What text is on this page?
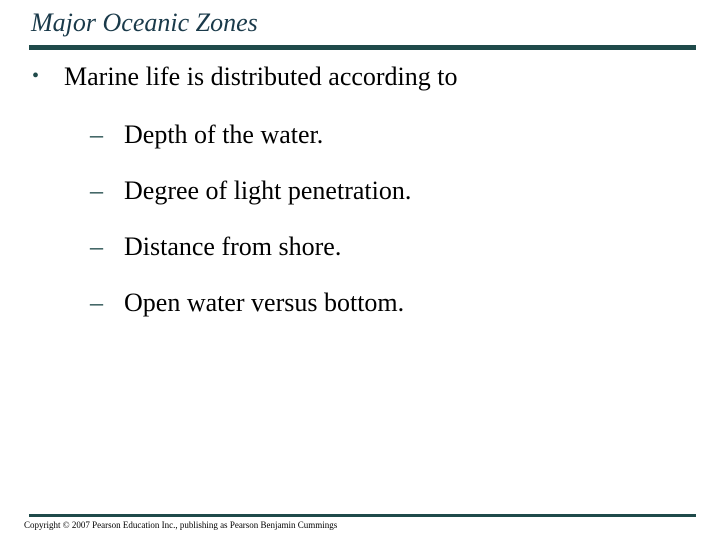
Major Oceanic Zones
• Marine life is distributed according to
– Depth of the water.
– Degree of light penetration.
– Distance from shore.
– Open water versus bottom.
Copyright © 2007 Pearson Education Inc., publishing as Pearson Benjamin Cummings
